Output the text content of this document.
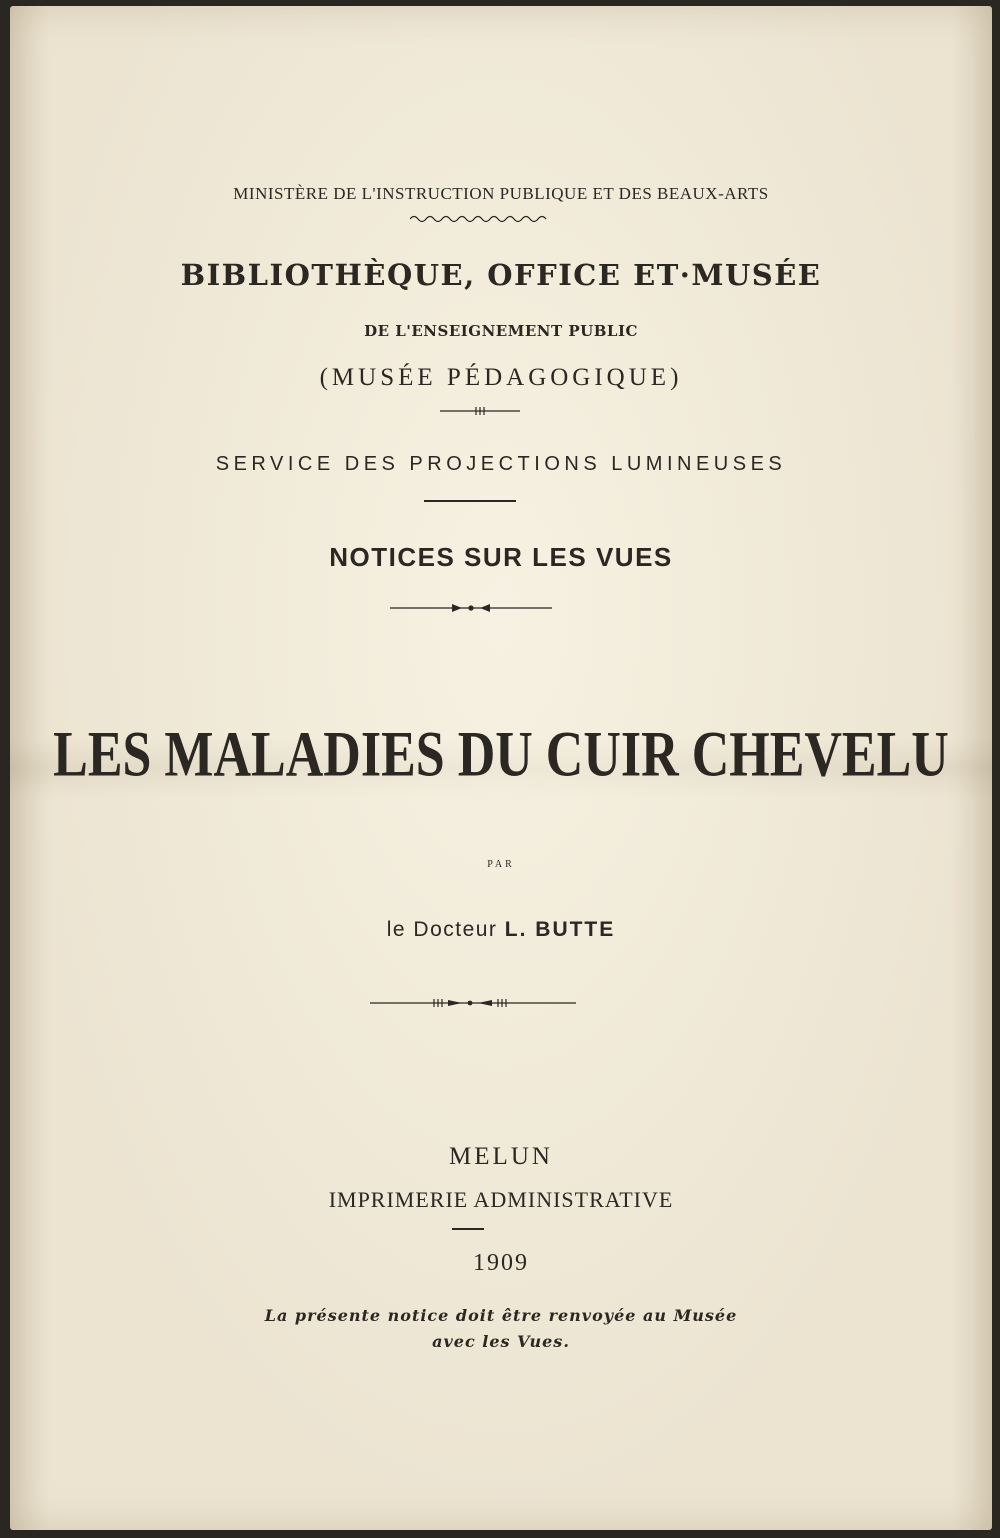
MINISTÈRE DE L'INSTRUCTION PUBLIQUE ET DES BEAUX-ARTS
BIBLIOTHÈQUE, OFFICE ET·MUSÉE
DE L'ENSEIGNEMENT PUBLIC
(MUSÉE PÉDAGOGIQUE)
SERVICE DES PROJECTIONS LUMINEUSES
NOTICES SUR LES VUES
LES MALADIES DU CUIR CHEVELU
PAR
le Docteur L. BUTTE
MELUN
IMPRIMERIE ADMINISTRATIVE
1909
La présente notice doit être renvoyée au Musée
avec les Vues.
